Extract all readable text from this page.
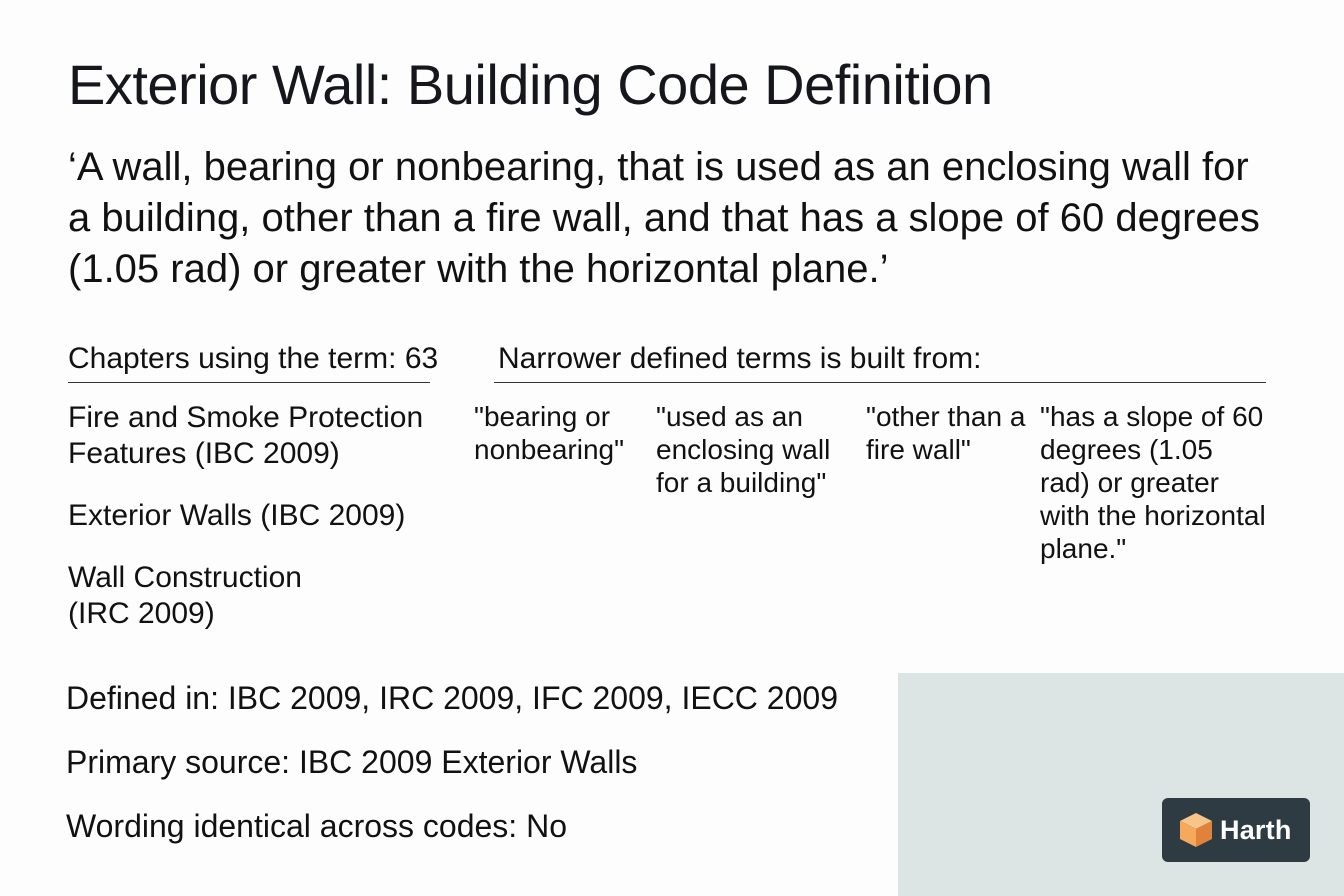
Exterior Wall: Building Code Definition
‘A wall, bearing or nonbearing, that is used as an enclosing wall for a building, other than a fire wall, and that has a slope of 60 degrees (1.05 rad) or greater with the horizontal plane.’
Chapters using the term: 63 Narrower defined terms is built from:
Fire and Smoke Protection Features (IBC 2009)
Exterior Walls (IBC 2009)
Wall Construction (IRC 2009)
"bearing or nonbearing"
"used as an enclosing wall for a building"
"other than a fire wall"
"has a slope of 60 degrees (1.05 rad) or greater with the horizontal plane."
Defined in: IBC 2009, IRC 2009, IFC 2009, IECC 2009
Primary source: IBC 2009 Exterior Walls
Wording identical across codes: No	Harth
